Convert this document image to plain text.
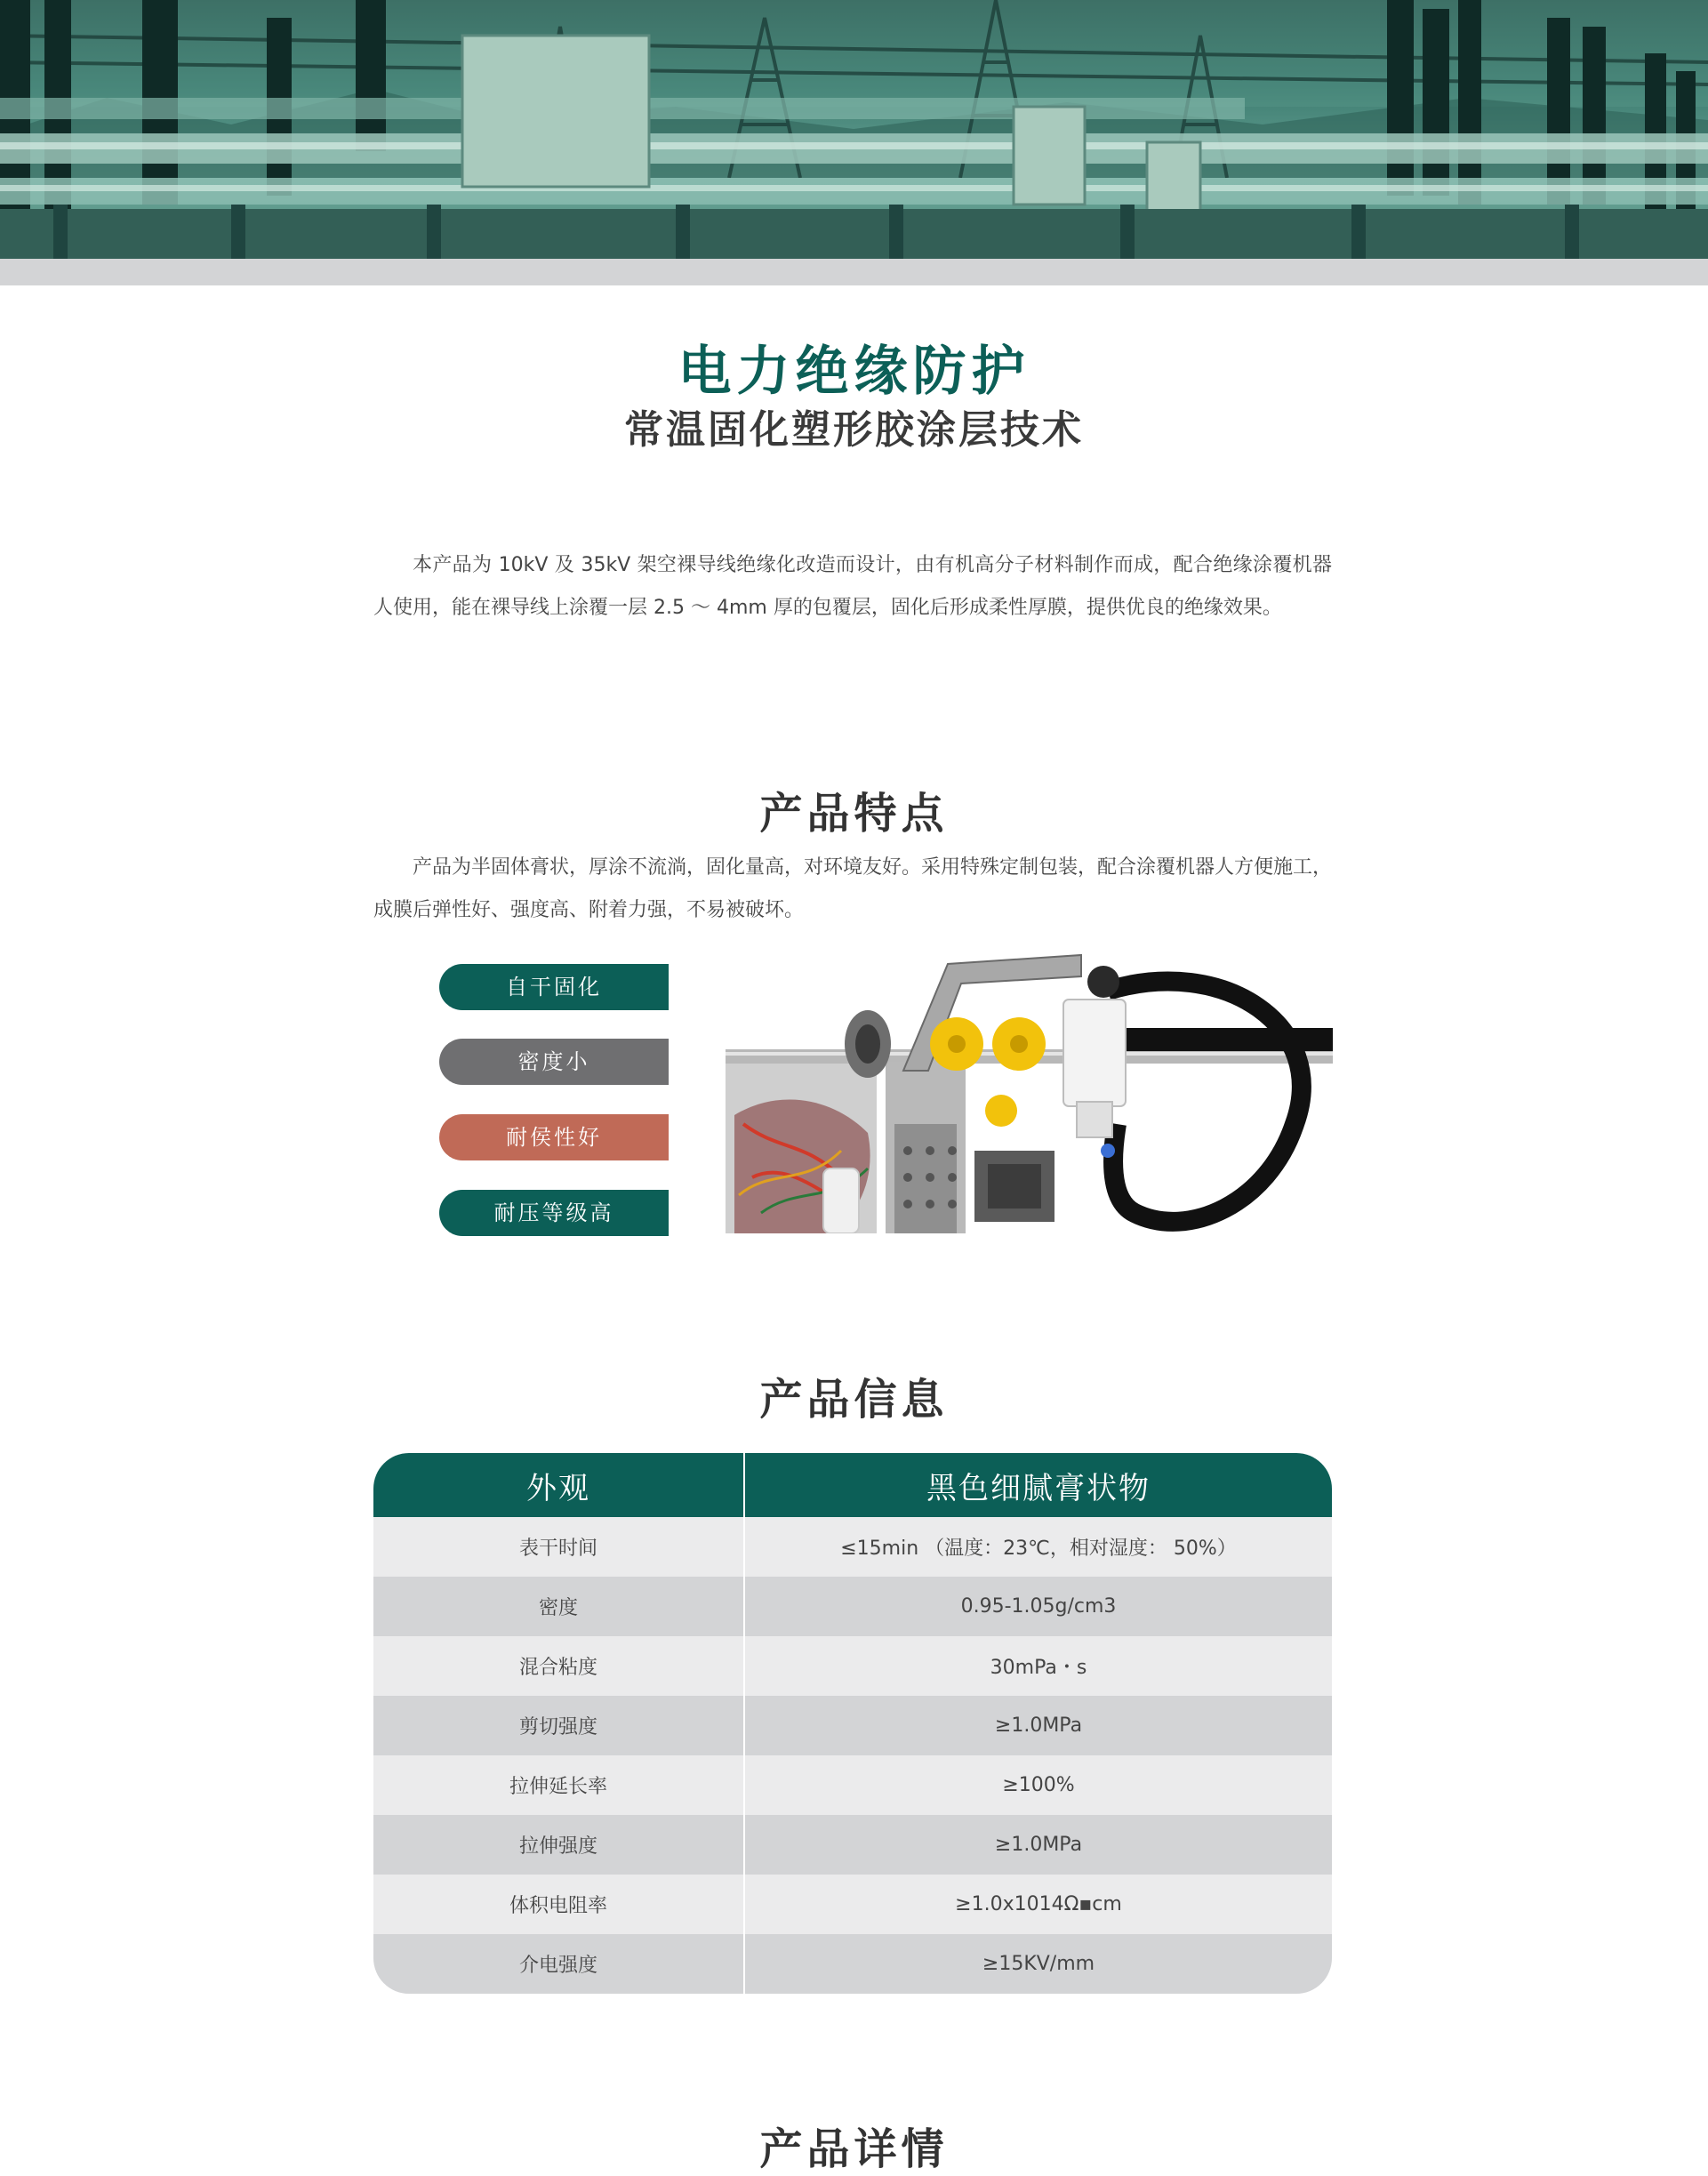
电力绝缘防护
常温固化塑形胶涂层技术

本产品为 10kV 及 35kV 架空裸导线绝缘化改造而设计，由有机高分子材料制作而成，配合绝缘涂覆机器人使用，能在裸导线上涂覆一层 2.5 ～ 4mm 厚的包覆层，固化后形成柔性厚膜，提供优良的绝缘效果。

产品特点

产品为半固体膏状，厚涂不流淌，固化量高，对环境友好。采用特殊定制包装，配合涂覆机器人方便施工，成膜后弹性好、强度高、附着力强，不易被破坏。

自干固化
密度小
耐侯性好
耐压等级高
产品信息
外观	黑色细腻膏状物
表干时间	≤15min （温度：23℃，相对湿度： 50%）
密度	0.95-1.05g/cm3
混合粘度	30mPa・s
剪切强度	≥1.0MPa
拉伸延长率	≥100%
拉伸强度	≥1.0MPa
体积电阻率	≥1.0x1014Ω▪cm
介电强度	≥15KV/mm
产品详情
